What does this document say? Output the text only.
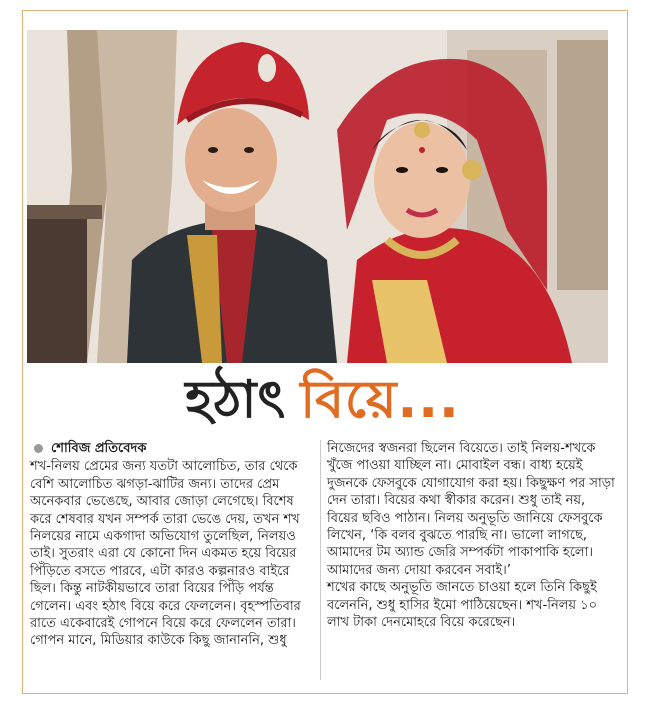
হঠাৎ বিয়ে...
শোবিজ প্রতিবেদক

শখ-নিলয় প্রেমের জন্য যতটা আলোচিত, তার থেকে বেশি আলোচিত ঝগড়া-ঝাটির জন্য। তাদের প্রেম অনেকবার ভেঙেছে, আবার জোড়া লেগেছে। বিশেষ করে শেষবার যখন সম্পর্ক তারা ভেঙে দেয়, তখন শখ নিলয়ের নামে একগাদা অভিযোগ তুলেছিল, নিলয়ও তাই। সুতরাং এরা যে কোনো দিন একমত হয়ে বিয়ের পিঁড়িতে বসতে পারবে, এটা কারও কল্পনারও বাইরে ছিল। কিন্তু নাটকীয়ভাবে তারা বিয়ের পিঁড়ি পর্যন্ত গেলেন। এবং হঠাৎ বিয়ে করে ফেললেন। বৃহস্পতিবার রাতে একেবারেই গোপনে বিয়ে করে ফেললেন তারা।

গোপন মানে, মিডিয়ার কাউকে কিছু জানাননি, শুধু

নিজেদের স্বজনরা ছিলেন বিয়েতে। তাই নিলয়-শখকে খুঁজে পাওয়া যাচ্ছিল না। মোবাইল বন্ধ। বাধ্য হয়েই দুজনকে ফেসবুকে যোগাযোগ করা হয়। কিছুক্ষণ পর সাড়া দেন তারা। বিয়ের কথা স্বীকার করেন। শুধু তাই নয়, বিয়ের ছবিও পাঠান। নিলয় অনুভূতি জানিয়ে ফেসবুকে লিখেন, ‘কি বলব বুঝতে পারছি না। ভালো লাগছে, আমাদের টম অ্যান্ড জেরি সম্পর্কটা পাকাপাকি হলো। আমাদের জন্য দোয়া করবেন সবাই।’

শখের কাছে অনুভূতি জানতে চাওয়া হলে তিনি কিছুই বলেননি, শুধু হাসির ইমো পাঠিয়েছেন। শখ-নিলয় ১০ লাখ টাকা দেনমোহরে বিয়ে করেছেন।
